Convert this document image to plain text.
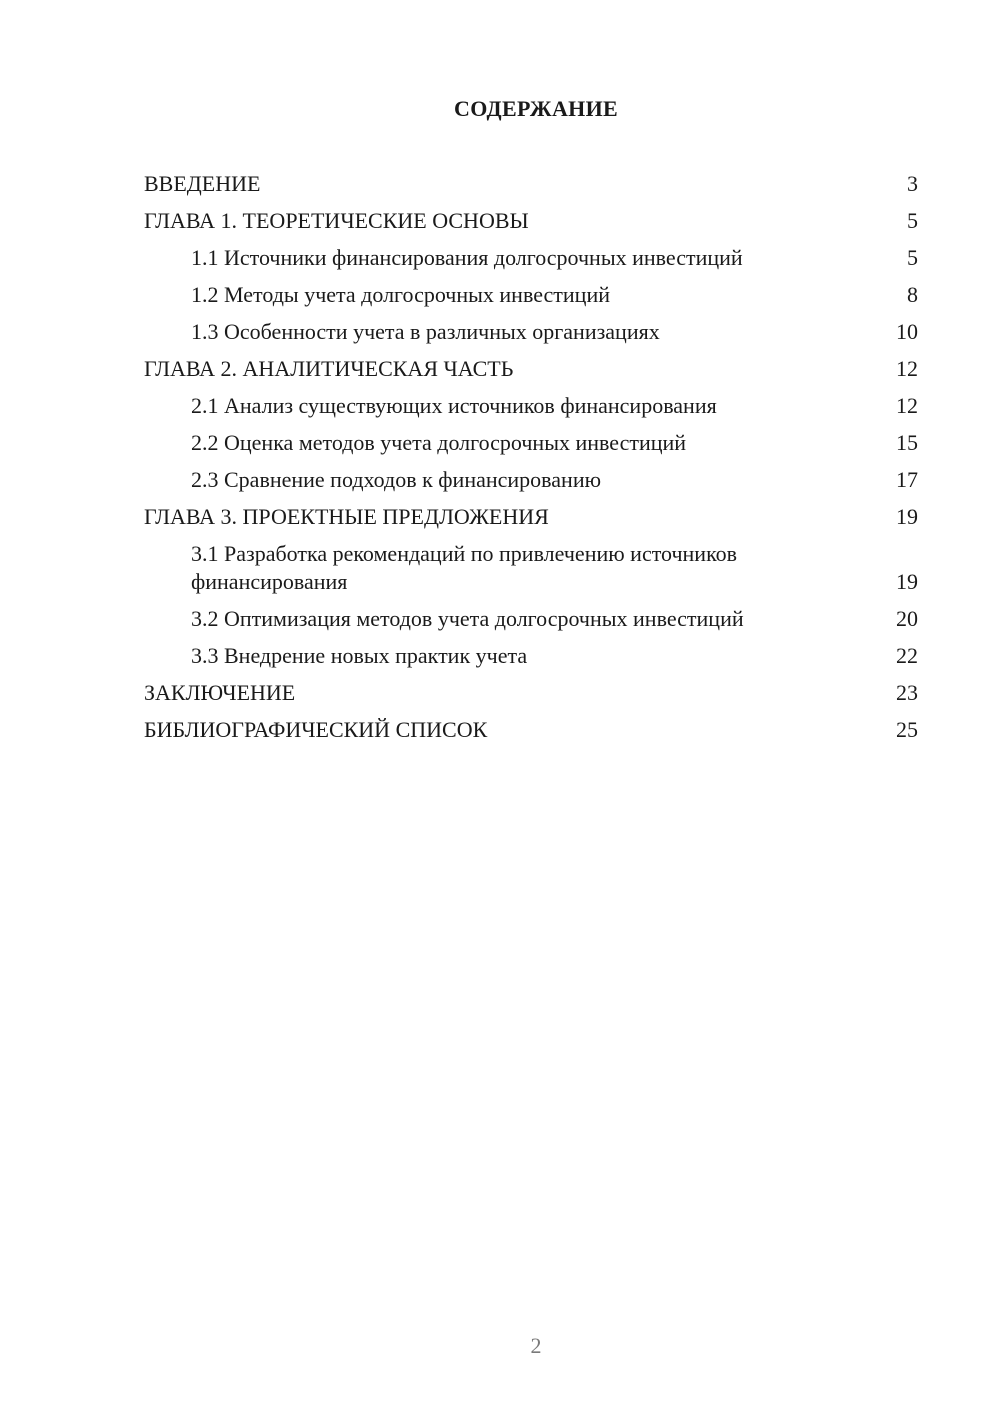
СОДЕРЖАНИЕ
ВВЕДЕНИЕ	3
ГЛАВА 1. ТЕОРЕТИЧЕСКИЕ ОСНОВЫ	5
1.1 Источники финансирования долгосрочных инвестиций	5
1.2 Методы учета долгосрочных инвестиций	8
1.3 Особенности учета в различных организациях	10
ГЛАВА 2. АНАЛИТИЧЕСКАЯ ЧАСТЬ	12
2.1 Анализ существующих источников финансирования	12
2.2 Оценка методов учета долгосрочных инвестиций	15
2.3 Сравнение подходов к финансированию	17
ГЛАВА 3. ПРОЕКТНЫЕ ПРЕДЛОЖЕНИЯ	19
3.1 Разработка рекомендаций по привлечению источников финансирования	19
3.2 Оптимизация методов учета долгосрочных инвестиций	20
3.3 Внедрение новых практик учета	22
ЗАКЛЮЧЕНИЕ	23
БИБЛИОГРАФИЧЕСКИЙ СПИСОК	25
2
